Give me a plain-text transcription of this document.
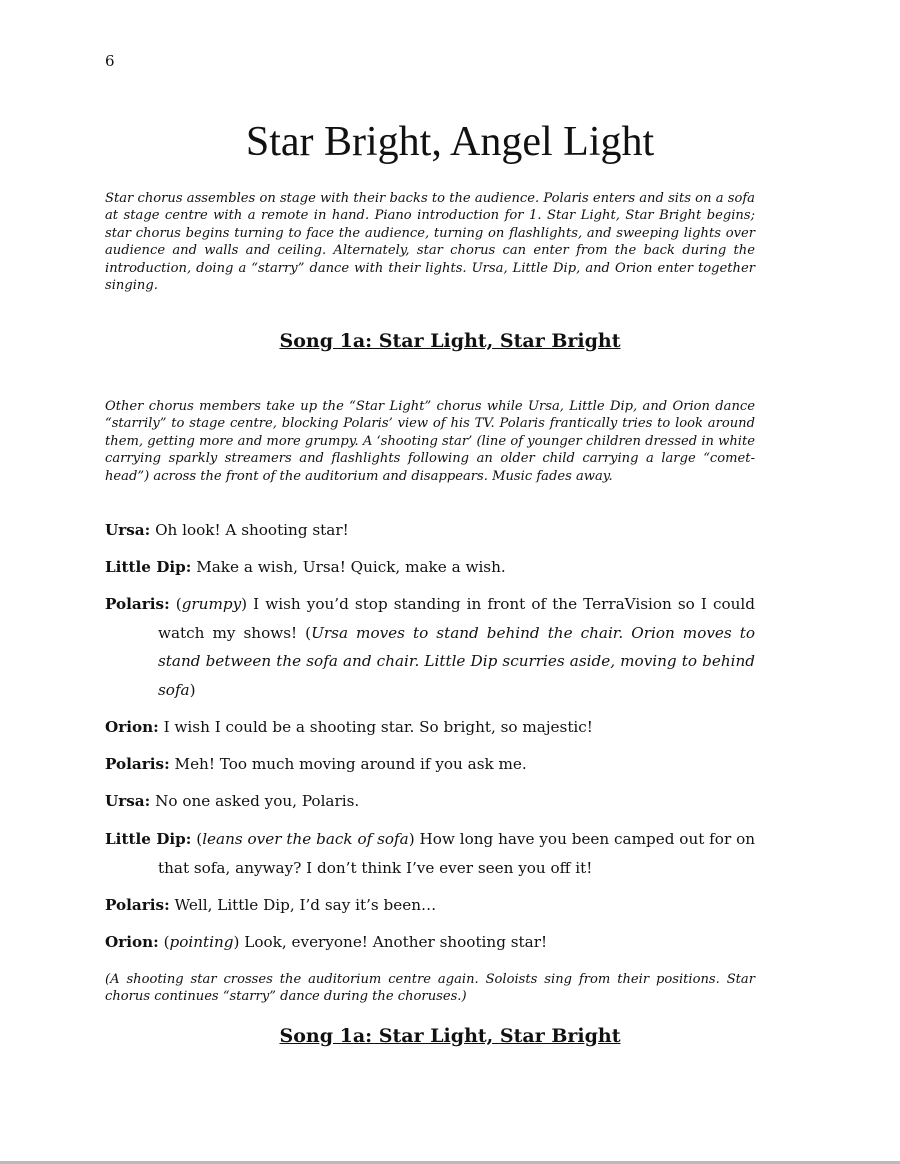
6
Star Bright, Angel Light

Star chorus assembles on stage with their backs to the audience. Polaris enters and sits on a sofa at stage centre with a remote in hand. Piano introduction for 1. Star Light, Star Bright begins; star chorus begins turning to face the audience, turning on flashlights, and sweeping lights over audience and walls and ceiling. Alternately, star chorus can enter from the back during the introduction, doing a “starry” dance with their lights. Ursa, Little Dip, and Orion enter together singing.

Song 1a: Star Light, Star Bright

Other chorus members take up the “Star Light” chorus while Ursa, Little Dip, and Orion dance “starrily” to stage centre, blocking Polaris’ view of his TV. Polaris frantically tries to look around them, getting more and more grumpy. A ‘shooting star’ (line of younger children dressed in white carrying sparkly streamers and flashlights following an older child carrying a large “comet-head”) across the front of the auditorium and disappears. Music fades away.

Ursa: Oh look! A shooting star!

Little Dip: Make a wish, Ursa! Quick, make a wish.

Polaris: (grumpy) I wish you’d stop standing in front of the TerraVision so I could watch my shows! (Ursa moves to stand behind the chair. Orion moves to stand between the sofa and chair. Little Dip scurries aside, moving to behind sofa)

Orion: I wish I could be a shooting star. So bright, so majestic!

Polaris: Meh! Too much moving around if you ask me.

Ursa: No one asked you, Polaris.

Little Dip: (leans over the back of sofa) How long have you been camped out for on that sofa, anyway? I don’t think I’ve ever seen you off it!

Polaris: Well, Little Dip, I’d say it’s been…

Orion: (pointing) Look, everyone! Another shooting star!

(A shooting star crosses the auditorium centre again. Soloists sing from their positions. Star chorus continues “starry” dance during the choruses.)

Song 1a: Star Light, Star Bright
